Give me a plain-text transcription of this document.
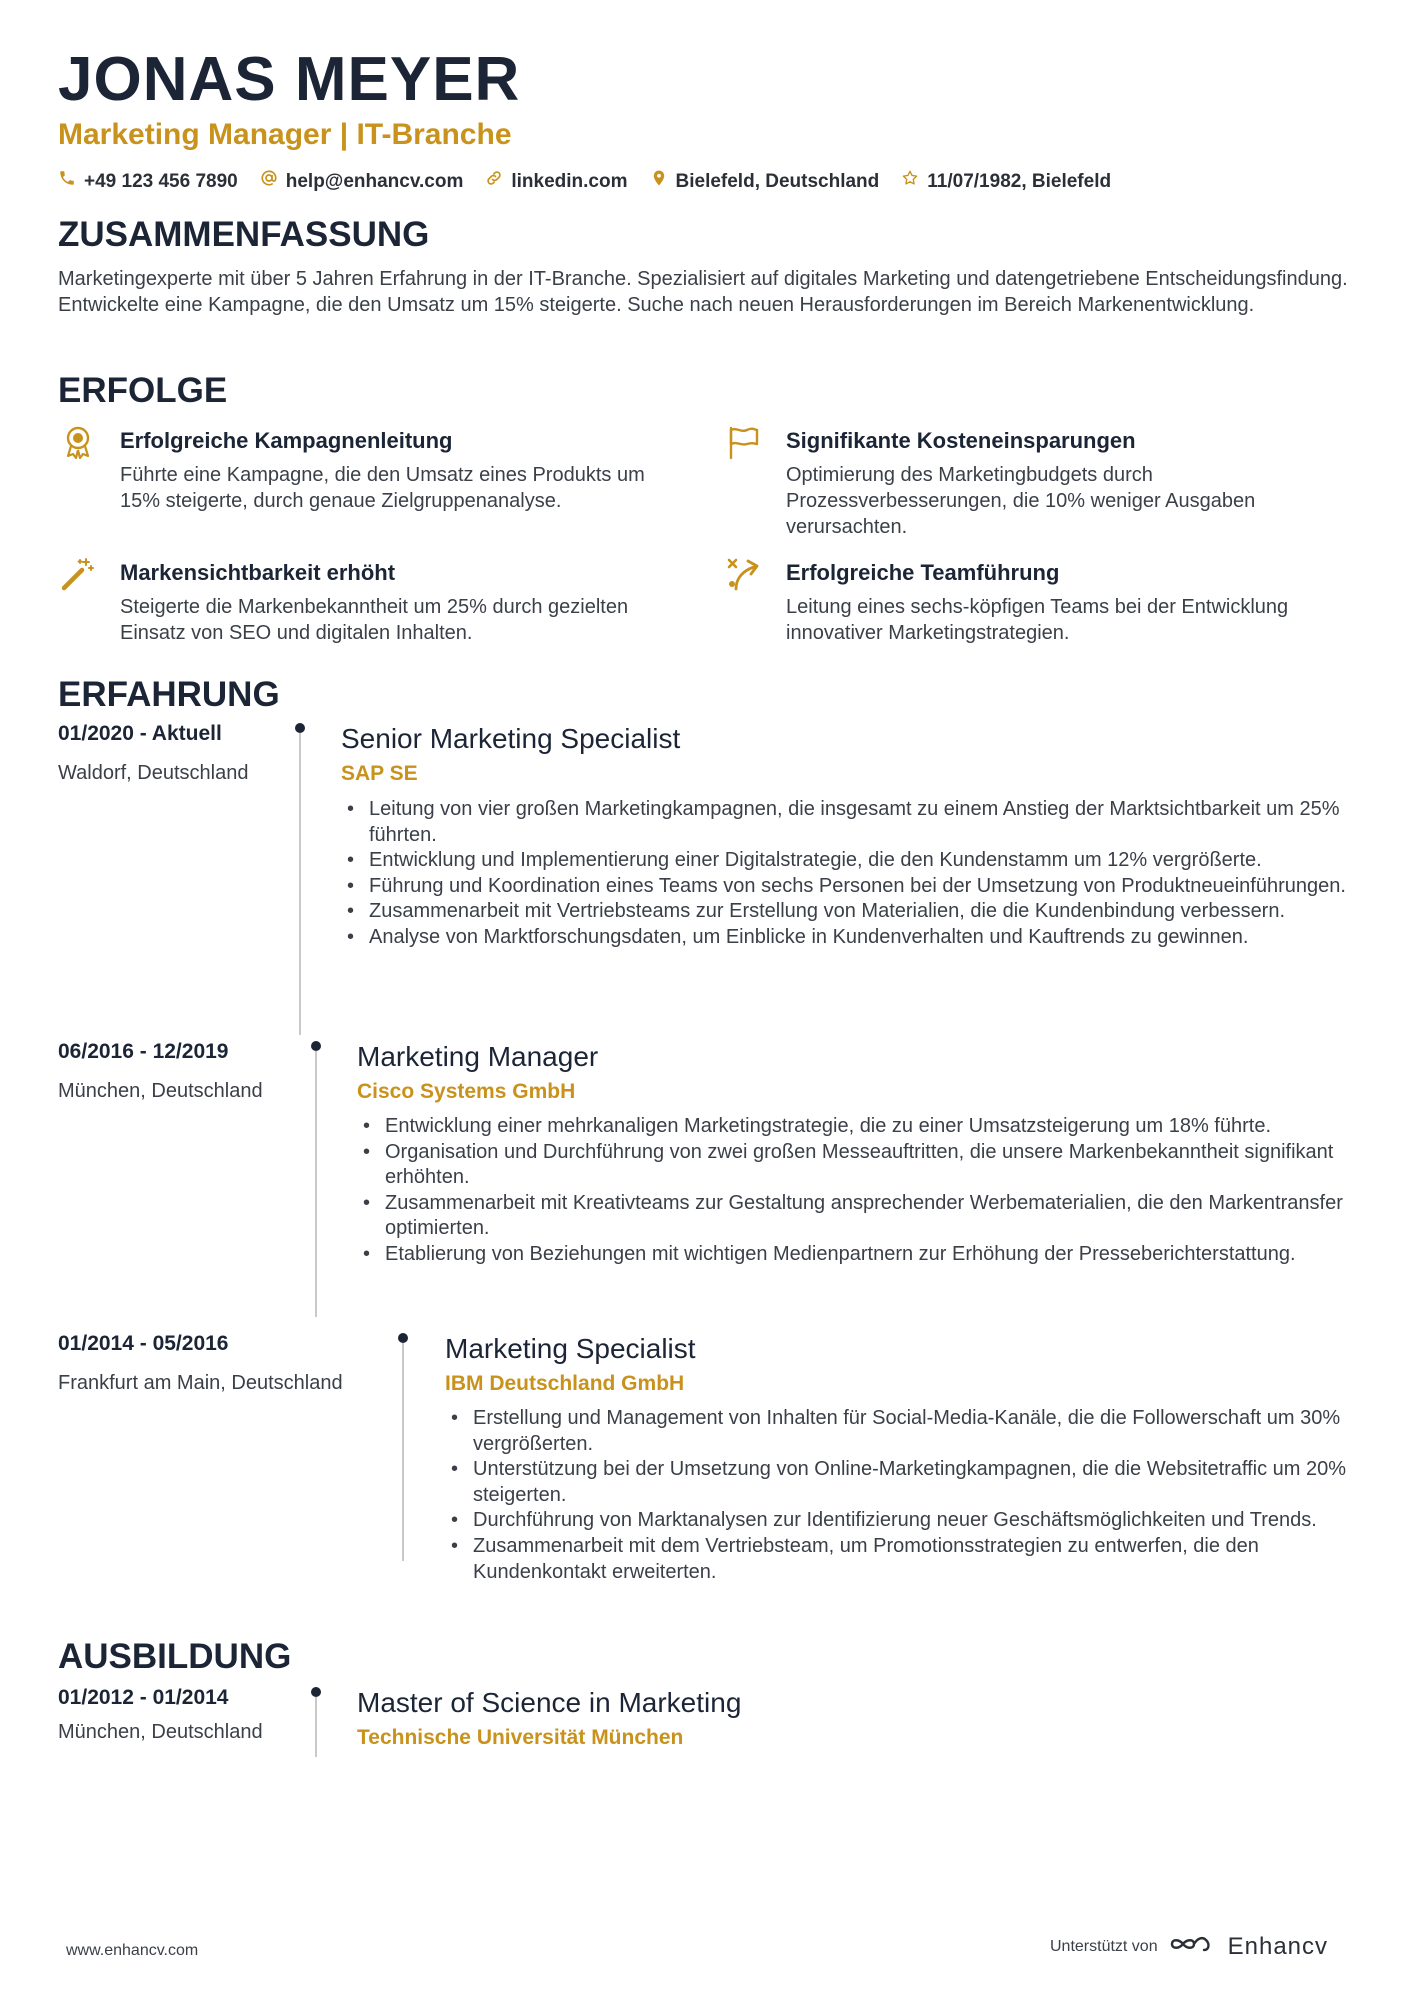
JONAS MEYER
Marketing Manager | IT-Branche
+49 123 456 7890	help@enhancv.com	linkedin.com	Bielefeld, Deutschland	11/07/1982, Bielefeld
ZUSAMMENFASSUNG
Marketingexperte mit über 5 Jahren Erfahrung in der IT-Branche. Spezialisiert auf digitales Marketing und datengetriebene Entscheidungsfindung. Entwickelte eine Kampagne, die den Umsatz um 15% steigerte. Suche nach neuen Herausforderungen im Bereich Markenentwicklung.
ERFOLGE
Erfolgreiche Kampagnenleitung
Führte eine Kampagne, die den Umsatz eines Produkts um 15% steigerte, durch genaue Zielgruppenanalyse.
Signifikante Kosteneinsparungen
Optimierung des Marketingbudgets durch Prozessverbesserungen, die 10% weniger Ausgaben verursachten.
Markensichtbarkeit erhöht
Steigerte die Markenbekanntheit um 25% durch gezielten Einsatz von SEO und digitalen Inhalten.
Erfolgreiche Teamführung
Leitung eines sechs-köpfigen Teams bei der Entwicklung innovativer Marketingstrategien.
ERFAHRUNG
01/2020 - Aktuell
Waldorf, Deutschland
Senior Marketing Specialist
SAP SE
• Leitung von vier großen Marketingkampagnen, die insgesamt zu einem Anstieg der Marktsichtbarkeit um 25% führten.
• Entwicklung und Implementierung einer Digitalstrategie, die den Kundenstamm um 12% vergrößerte.
• Führung und Koordination eines Teams von sechs Personen bei der Umsetzung von Produktneueinführungen.
• Zusammenarbeit mit Vertriebsteams zur Erstellung von Materialien, die die Kundenbindung verbessern.
• Analyse von Marktforschungsdaten, um Einblicke in Kundenverhalten und Kauftrends zu gewinnen.
06/2016 - 12/2019
München, Deutschland
Marketing Manager
Cisco Systems GmbH
• Entwicklung einer mehrkanaligen Marketingstrategie, die zu einer Umsatzsteigerung um 18% führte.
• Organisation und Durchführung von zwei großen Messeauftritten, die unsere Markenbekanntheit signifikant erhöhten.
• Zusammenarbeit mit Kreativteams zur Gestaltung ansprechender Werbematerialien, die den Markentransfer optimierten.
• Etablierung von Beziehungen mit wichtigen Medienpartnern zur Erhöhung der Presseberichterstattung.
01/2014 - 05/2016
Frankfurt am Main, Deutschland
Marketing Specialist
IBM Deutschland GmbH
• Erstellung und Management von Inhalten für Social-Media-Kanäle, die die Followerschaft um 30% vergrößerten.
• Unterstützung bei der Umsetzung von Online-Marketingkampagnen, die die Websitetraffic um 20% steigerten.
• Durchführung von Marktanalysen zur Identifizierung neuer Geschäftsmöglichkeiten und Trends.
• Zusammenarbeit mit dem Vertriebsteam, um Promotionsstrategien zu entwerfen, die den Kundenkontakt erweiterten.
AUSBILDUNG
01/2012 - 01/2014
München, Deutschland
Master of Science in Marketing
Technische Universität München
www.enhancv.com	Unterstützt von	Enhancv
